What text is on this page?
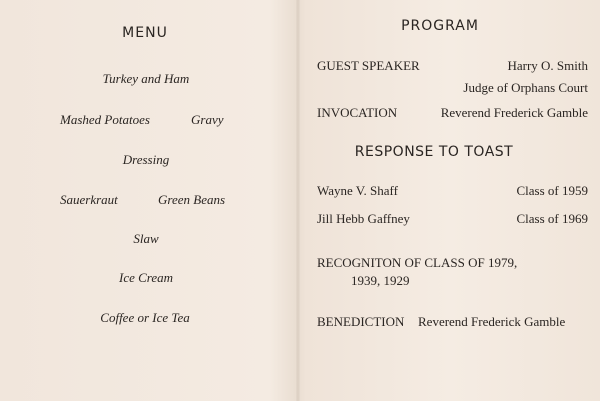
MENU
Turkey and Ham
Mashed Potatoes	Gravy
Dressing
Sauerkraut	Green Beans
Slaw
Ice Cream
Coffee or Ice Tea
PROGRAM
GUEST SPEAKER	Harry O. Smith
Judge of Orphans Court
INVOCATION	Reverend Frederick Gamble
RESPONSE TO TOAST
Wayne V. Shaff	Class of 1959
Jill Hebb Gaffney	Class of 1969
RECOGNITON OF CLASS OF 1979,
1939, 1929
BENEDICTION Reverend Frederick Gamble
